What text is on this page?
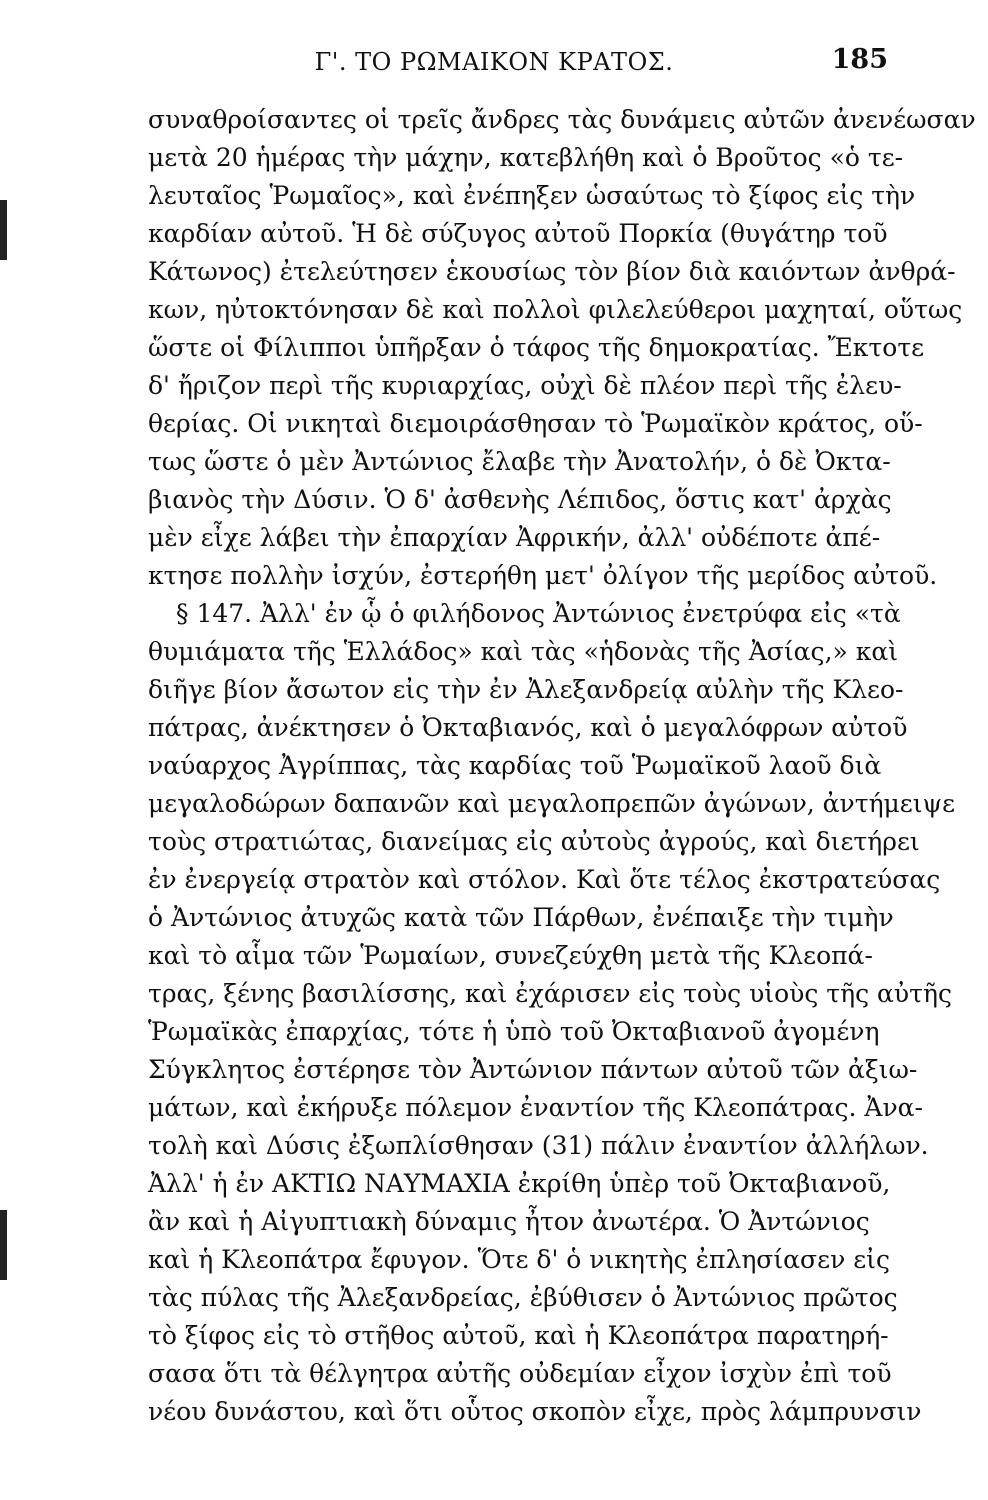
Γ'. ΤΟ ΡΩΜΑΙΚΟΝ ΚΡΑΤΟΣ.	185
συναθροίσαντες οἱ τρεῖς ἄνδρες τὰς δυνάμεις αὐτῶν ἀνενέωσαν
μετὰ 20 ἡμέρας τὴν μάχην, κατεβλήθη καὶ ὁ Βροῦτος «ὁ τε-
λευταῖος Ῥωμαῖος», καὶ ἐνέπηξεν ὡσαύτως τὸ ξίφος εἰς τὴν
καρδίαν αὐτοῦ. Ἡ δὲ σύζυγος αὐτοῦ Πορκία (θυγάτηρ τοῦ
Κάτωνος) ἐτελεύτησεν ἑκουσίως τὸν βίον διὰ καιόντων ἀνθρά-
κων, ηὐτοκτόνησαν δὲ καὶ πολλοὶ φιλελεύθεροι μαχηταί, οὕτως
ὥστε οἱ Φίλιπποι ὑπῆρξαν ὁ τάφος τῆς δημοκρατίας. Ἔκτοτε
δ' ἤριζον περὶ τῆς κυριαρχίας, οὐχὶ δὲ πλέον περὶ τῆς ἐλευ-
θερίας. Οἱ νικηταὶ διεμοιράσθησαν τὸ Ῥωμαϊκὸν κράτος, οὕ-
τως ὥστε ὁ μὲν Ἀντώνιος ἔλαβε τὴν Ἀνατολήν, ὁ δὲ Ὀκτα-
βιανὸς τὴν Δύσιν. Ὁ δ' ἀσθενὴς Λέπιδος, ὅστις κατ' ἀρχὰς
μὲν εἶχε λάβει τὴν ἐπαρχίαν Ἀφρικήν, ἀλλ' οὐδέποτε ἀπέ-
κτησε πολλὴν ἰσχύν, ἐστερήθη μετ' ὀλίγον τῆς μερίδος αὐτοῦ.
§ 147. Ἀλλ' ἐν ᾧ ὁ φιλήδονος Ἀντώνιος ἐνετρύφα εἰς «τὰ
θυμιάματα τῆς Ἑλλάδος» καὶ τὰς «ἡδονὰς τῆς Ἀσίας,» καὶ
διῆγε βίον ἄσωτον εἰς τὴν ἐν Ἀλεξανδρείᾳ αὐλὴν τῆς Κλεο-
πάτρας, ἀνέκτησεν ὁ Ὀκταβιανός, καὶ ὁ μεγαλόφρων αὐτοῦ
ναύαρχος Ἀγρίππας, τὰς καρδίας τοῦ Ῥωμαϊκοῦ λαοῦ διὰ
μεγαλοδώρων δαπανῶν καὶ μεγαλοπρεπῶν ἀγώνων, ἀντήμειψε
τοὺς στρατιώτας, διανείμας εἰς αὐτοὺς ἀγρούς, καὶ διετήρει
ἐν ἐνεργείᾳ στρατὸν καὶ στόλον. Καὶ ὅτε τέλος ἐκστρατεύσας
ὁ Ἀντώνιος ἀτυχῶς κατὰ τῶν Πάρθων, ἐνέπαιξε τὴν τιμὴν
καὶ τὸ αἷμα τῶν Ῥωμαίων, συνεζεύχθη μετὰ τῆς Κλεοπά-
τρας, ξένης βασιλίσσης, καὶ ἐχάρισεν εἰς τοὺς υἱοὺς τῆς αὐτῆς
Ῥωμαϊκὰς ἐπαρχίας, τότε ἡ ὑπὸ τοῦ Ὀκταβιανοῦ ἀγομένη
Σύγκλητος ἐστέρησε τὸν Ἀντώνιον πάντων αὐτοῦ τῶν ἀξιω-
μάτων, καὶ ἐκήρυξε πόλεμον ἐναντίον τῆς Κλεοπάτρας. Ἀνα-
τολὴ καὶ Δύσις ἐξωπλίσθησαν (31) πάλιν ἐναντίον ἀλλήλων.
Ἀλλ' ἡ ἐν ΑΚΤΙΩ ΝΑΥΜΑΧΙΑ ἐκρίθη ὑπὲρ τοῦ Ὀκταβιανοῦ,
ἂν καὶ ἡ Αἰγυπτιακὴ δύναμις ἦτον ἀνωτέρα. Ὁ Ἀντώνιος
καὶ ἡ Κλεοπάτρα ἔφυγον. Ὅτε δ' ὁ νικητὴς ἐπλησίασεν εἰς
τὰς πύλας τῆς Ἀλεξανδρείας, ἐβύθισεν ὁ Ἀντώνιος πρῶτος
τὸ ξίφος εἰς τὸ στῆθος αὐτοῦ, καὶ ἡ Κλεοπάτρα παρατηρή-
σασα ὅτι τὰ θέλγητρα αὐτῆς οὐδεμίαν εἶχον ἰσχὺν ἐπὶ τοῦ
νέου δυνάστου, καὶ ὅτι οὗτος σκοπὸν εἶχε, πρὸς λάμπρυνσιν
